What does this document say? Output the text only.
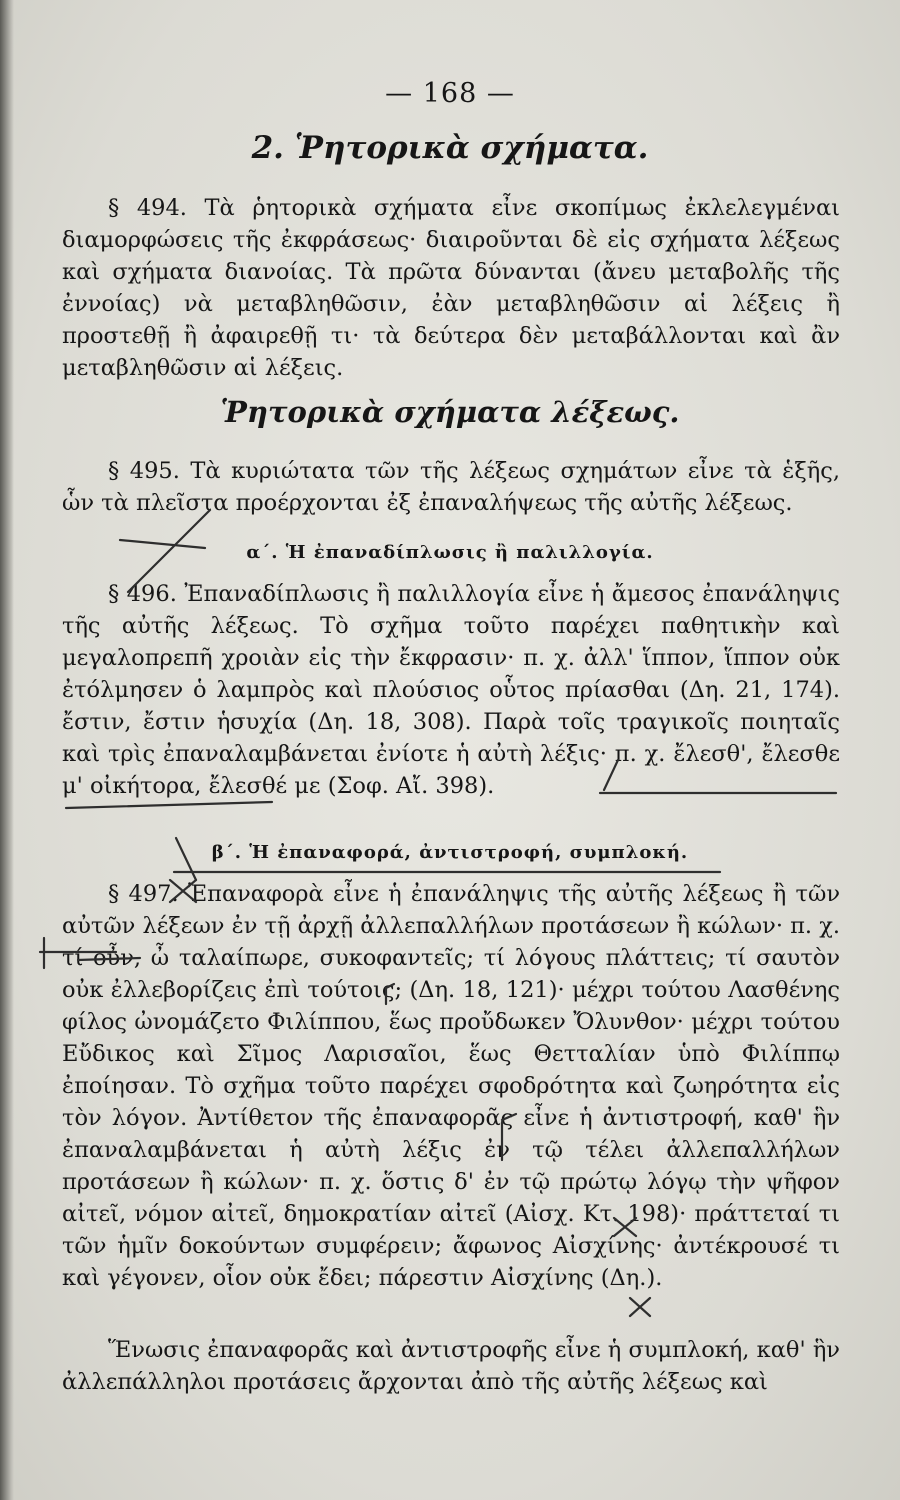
— 168 —
2. Ῥητορικὰ σχήματα.

§ 494. Τὰ ῥητορικὰ σχήματα εἶνε σκοπίμως ἐκλελεγμέναι διαμορφώσεις τῆς ἐκφράσεως· διαιροῦνται δὲ εἰς σχήματα λέξεως καὶ σχήματα διανοίας. Τὰ πρῶτα δύνανται (ἄνευ μεταβολῆς τῆς ἐννοίας) νὰ μεταβληθῶσιν, ἐὰν μεταβληθῶσιν αἱ λέξεις ἢ προστεθῇ ἢ ἀφαιρεθῇ τι· τὰ δεύτερα δὲν μεταβάλλονται καὶ ἂν μεταβληθῶσιν αἱ λέξεις.

Ῥητορικὰ σχήματα λέξεως.

§ 495. Τὰ κυριώτατα τῶν τῆς λέξεως σχημάτων εἶνε τὰ ἑξῆς, ὧν τὰ πλεῖστα προέρχονται ἐξ ἐπαναλήψεως τῆς αὐτῆς λέξεως.

α΄. Ἡ ἐπαναδίπλωσις ἢ παλιλλογία.

§ 496. Ἐπαναδίπλωσις ἢ παλιλλογία εἶνε ἡ ἄμεσος ἐπανάληψις τῆς αὐτῆς λέξεως. Τὸ σχῆμα τοῦτο παρέχει παθητικὴν καὶ μεγαλοπρεπῆ χροιὰν εἰς τὴν ἔκφρασιν· π. χ. ἀλλ' ἵππον, ἵππον οὐκ ἐτόλμησεν ὁ λαμπρὸς καὶ πλούσιος οὗτος πρίασθαι (Δη. 21, 174). ἔστιν, ἔστιν ἡσυχία (Δη. 18, 308). Παρὰ τοῖς τραγικοῖς ποιηταῖς καὶ τρὶς ἐπαναλαμβάνεται ἐνίοτε ἡ αὐτὴ λέξις· π. χ. ἔλεσθ', ἔλεσθε μ' οἰκήτορα, ἔλεσθέ με (Σοφ. Αἴ. 398).

β΄. Ἡ ἐπαναφορά, ἀντιστροφή, συμπλοκή.

§ 497. Ἐπαναφορὰ εἶνε ἡ ἐπανάληψις τῆς αὐτῆς λέξεως ἢ τῶν αὐτῶν λέξεων ἐν τῇ ἀρχῇ ἀλλεπαλλήλων προτάσεων ἢ κώλων· π. χ. τί οὖν, ὦ ταλαίπωρε, συκοφαντεῖς; τί λόγους πλάττεις; τί σαυτὸν οὐκ ἐλλεβορίζεις ἐπὶ τούτοις; (Δη. 18, 121)· μέχρι τούτου Λασθένης φίλος ὠνομάζετο Φιλίππου, ἕως προὔδωκεν Ὄλυνθον· μέχρι τούτου Εὔδικος καὶ Σῖμος Λαρισαῖοι, ἕως Θετταλίαν ὑπὸ Φιλίππῳ ἐποίησαν. Τὸ σχῆμα τοῦτο παρέχει σφοδρότητα καὶ ζωηρότητα εἰς τὸν λόγον. Ἀντίθετον τῆς ἐπαναφορᾶς εἶνε ἡ ἀντιστροφή, καθ' ἣν ἐπαναλαμβάνεται ἡ αὐτὴ λέξις ἐν τῷ τέλει ἀλλεπαλλήλων προτάσεων ἢ κώλων· π. χ. ὅστις δ' ἐν τῷ πρώτῳ λόγῳ τὴν ψῆφον αἰτεῖ, νόμον αἰτεῖ, δημοκρατίαν αἰτεῖ (Αἰσχ. Κτ. 198)· πράττεταί τι τῶν ἡμῖν δοκούντων συμφέρειν; ἄφωνος Αἰσχίνης· ἀντέκρουσέ τι καὶ γέγονεν, οἷον οὐκ ἔδει; πάρεστιν Αἰσχίνης (Δη.).

Ἕνωσις ἐπαναφορᾶς καὶ ἀντιστροφῆς εἶνε ἡ συμπλοκή, καθ' ἣν ἀλλεπάλληλοι προτάσεις ἄρχονται ἀπὸ τῆς αὐτῆς λέξεως καὶ
